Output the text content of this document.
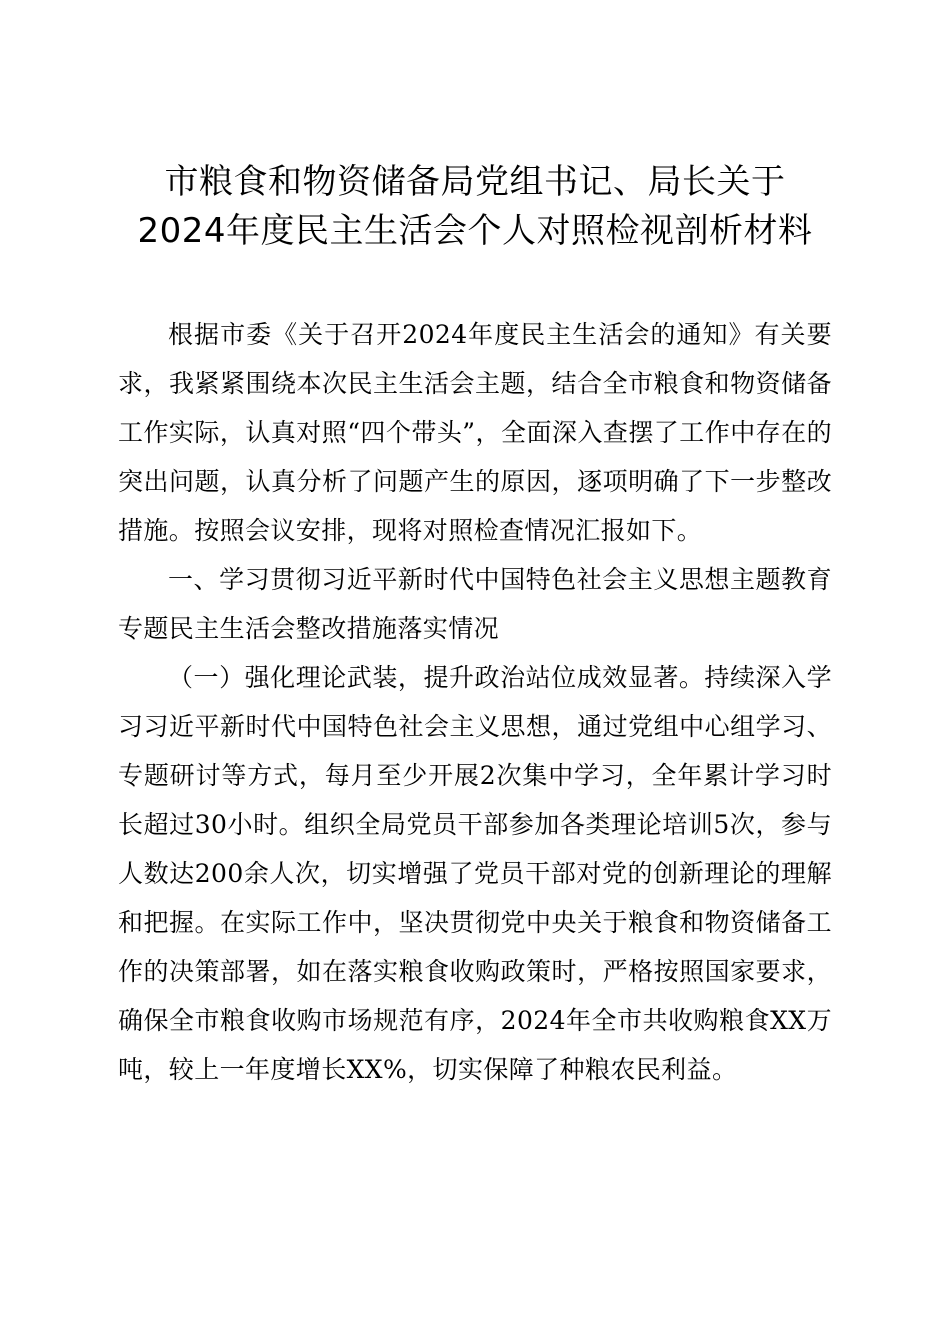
市粮食和物资储备局党组书记、局长关于
2024年度民主生活会个人对照检视剖析材料

根据市委《关于召开2024年度民主生活会的通知》有关要求，我紧紧围绕本次民主生活会主题，结合全市粮食和物资储备工作实际，认真对照“四个带头”，全面深入查摆了工作中存在的突出问题，认真分析了问题产生的原因，逐项明确了下一步整改措施。按照会议安排，现将对照检查情况汇报如下。

一、学习贯彻习近平新时代中国特色社会主义思想主题教育专题民主生活会整改措施落实情况

（一）强化理论武装，提升政治站位成效显著。持续深入学习习近平新时代中国特色社会主义思想，通过党组中心组学习、专题研讨等方式，每月至少开展2次集中学习，全年累计学习时长超过30小时。组织全局党员干部参加各类理论培训5次，参与人数达200余人次，切实增强了党员干部对党的创新理论的理解和把握。在实际工作中，坚决贯彻党中央关于粮食和物资储备工作的决策部署，如在落实粮食收购政策时，严格按照国家要求，确保全市粮食收购市场规范有序，2024年全市共收购粮食XX万吨，较上一年度增长XX%，切实保障了种粮农民利益。
